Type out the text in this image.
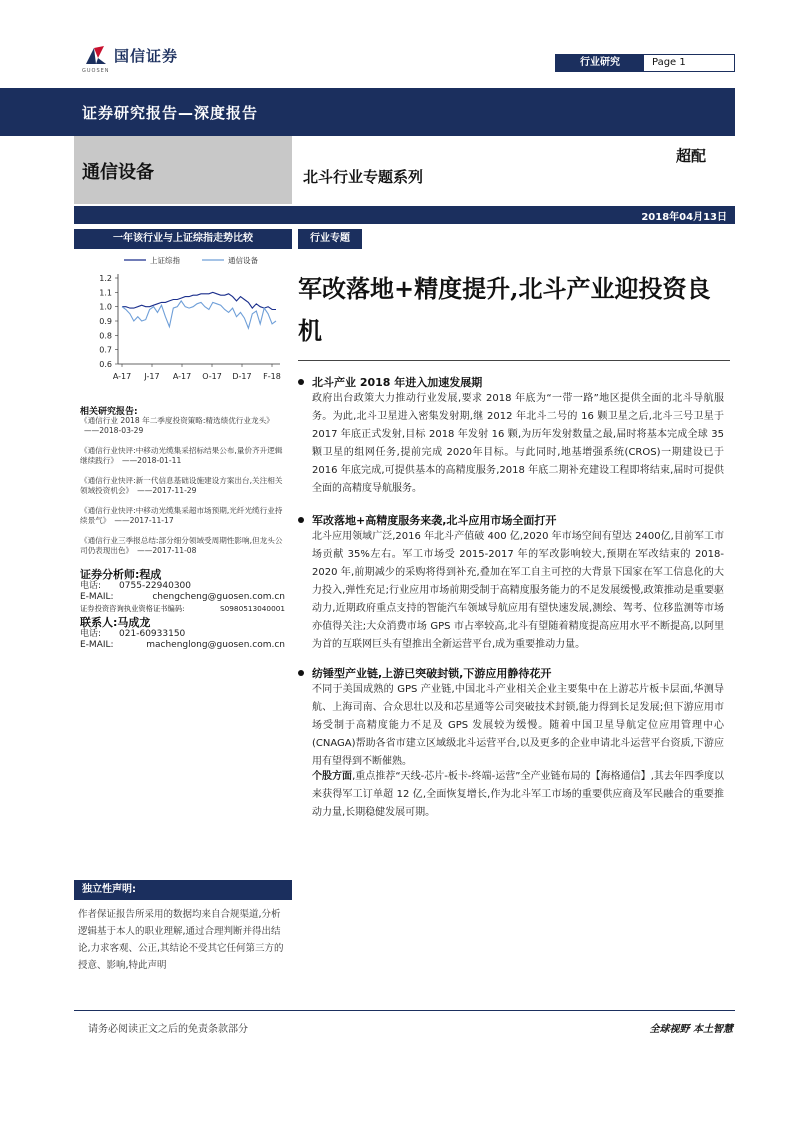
国信证券
GUOSEN
行业研究	Page 1
证券研究报告—深度报告
通信设备	北斗行业专题系列
超配
2018年04月13日
一年该行业与上证综指走势比较	行业专题
上证综指	通信设备
1.2
1.1
1.0
0.9
0.8
0.7
0.6
A-17 J-17 A-17 O-17 D-17 F-18
军改落地+精度提升,北斗产业迎投资良机
相关研究报告:
《通信行业 2018 年二季度投资策略:精选绩优行业龙头》——2018-03-29
《通信行业快评:中移动光缆集采招标结果公布,量价齐升逻辑继续践行》 ——2018-01-11
《通信行业快评:新一代信息基础设施建设方案出台,关注相关领域投资机会》 ——2017-11-29
《通信行业快评:中移动光缆集采超市场预期,光纤光缆行业持续景气》 ——2017-11-17
《通信行业三季报总结:部分细分领域受周期性影响,但龙头公司仍表现出色》 ——2017-11-08
证券分析师:程成
电话:	0755-22940300
E-MAIL:	chengcheng@guosen.com.cn
证券投资咨询执业资格证书编码:	S0980513040001
联系人:马成龙
电话:	021-60933150
E-MAIL:	machenglong@guosen.com.cn
北斗产业 2018 年进入加速发展期
政府出台政策大力推动行业发展,要求 2018 年底为“一带一路”地区提供全面的北斗导航服务。为此,北斗卫星进入密集发射期,继 2012 年北斗二号的 16 颗卫星之后,北斗三号卫星于 2017 年底正式发射,目标 2018 年发射 16 颗,为历年发射数量之最,届时将基本完成全球 35 颗卫星的组网任务,提前完成 2020年目标。与此同时,地基增强系统(CROS)一期建设已于 2016 年底完成,可提供基本的高精度服务,2018 年底二期补充建设工程即将结束,届时可提供全面的高精度导航服务。
军改落地+高精度服务来袭,北斗应用市场全面打开
北斗应用领域广泛,2016 年北斗产值破 400 亿,2020 年市场空间有望达 2400亿,目前军工市场贡献 35%左右。军工市场受 2015-2017 年的军改影响较大,预期在军改结束的 2018-2020 年,前期减少的采购将得到补充,叠加在军工自主可控的大背景下国家在军工信息化的大力投入,弹性充足;行业应用市场前期受制于高精度服务能力的不足发展缓慢,政策推动是重要驱动力,近期政府重点支持的智能汽车领域导航应用有望快速发展,测绘、驾考、位移监测等市场亦值得关注;大众消费市场 GPS 市占率较高,北斗有望随着精度提高应用水平不断提高,以阿里为首的互联网巨头有望推出全新运营平台,成为重要推动力量。
纺锤型产业链,上游已突破封锁,下游应用静待花开
不同于美国成熟的 GPS 产业链,中国北斗产业相关企业主要集中在上游芯片板卡层面,华测导航、上海司南、合众思壮以及和芯星通等公司突破技术封锁,能力得到长足发展;但下游应用市场受制于高精度能力不足及 GPS 发展较为缓慢。随着中国卫星导航定位应用管理中心(CNAGA)帮助各省市建立区域级北斗运营平台,以及更多的企业申请北斗运营平台资质,下游应用有望得到不断催熟。
个股方面,重点推荐“天线-芯片-板卡-终端-运营”全产业链布局的【海格通信】,其去年四季度以来获得军工订单超 12 亿,全面恢复增长,作为北斗军工市场的重要供应商及军民融合的重要推动力量,长期稳健发展可期。
独立性声明:
作者保证报告所采用的数据均来自合规渠道,分析逻辑基于本人的职业理解,通过合理判断并得出结论,力求客观、公正,其结论不受其它任何第三方的授意、影响,特此声明
请务必阅读正文之后的免责条款部分	全球视野 本土智慧
